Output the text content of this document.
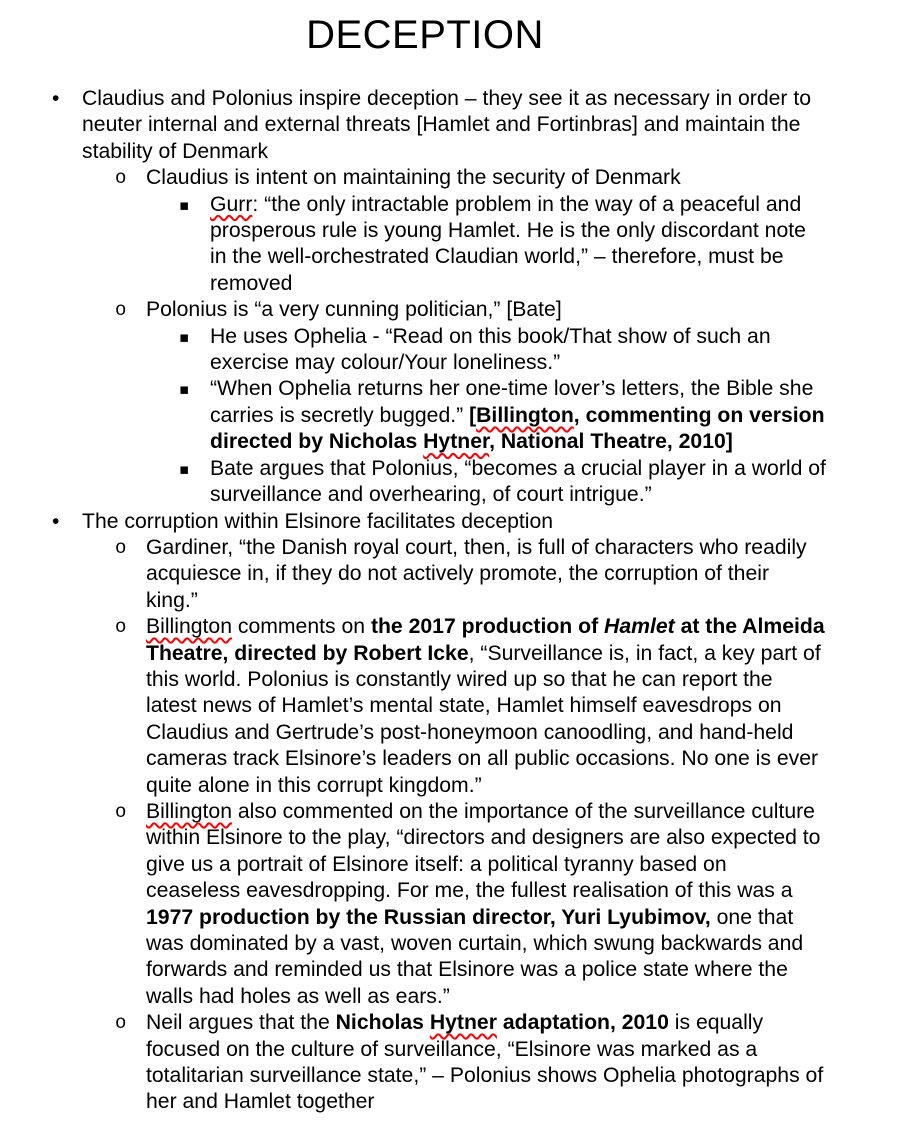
DECEPTION
• Claudius and Polonius inspire deception – they see it as necessary in order to neuter internal and external threats [Hamlet and Fortinbras] and maintain the stability of Denmark
o Claudius is intent on maintaining the security of Denmark
▪ Gurr: “the only intractable problem in the way of a peaceful and prosperous rule is young Hamlet. He is the only discordant note in the well-orchestrated Claudian world,” – therefore, must be removed
o Polonius is “a very cunning politician,” [Bate]
▪ He uses Ophelia - “Read on this book/That show of such an exercise may colour/Your loneliness.”
▪ “When Ophelia returns her one-time lover’s letters, the Bible she carries is secretly bugged.” [Billington, commenting on version directed by Nicholas Hytner, National Theatre, 2010]
▪ Bate argues that Polonius, “becomes a crucial player in a world of surveillance and overhearing, of court intrigue.”
• The corruption within Elsinore facilitates deception
o Gardiner, “the Danish royal court, then, is full of characters who readily acquiesce in, if they do not actively promote, the corruption of their king.”
o Billington comments on the 2017 production of Hamlet at the Almeida Theatre, directed by Robert Icke, “Surveillance is, in fact, a key part of this world. Polonius is constantly wired up so that he can report the latest news of Hamlet’s mental state, Hamlet himself eavesdrops on Claudius and Gertrude’s post-honeymoon canoodling, and hand-held cameras track Elsinore’s leaders on all public occasions. No one is ever quite alone in this corrupt kingdom.”
o Billington also commented on the importance of the surveillance culture within Elsinore to the play, “directors and designers are also expected to give us a portrait of Elsinore itself: a political tyranny based on ceaseless eavesdropping. For me, the fullest realisation of this was a 1977 production by the Russian director, Yuri Lyubimov, one that was dominated by a vast, woven curtain, which swung backwards and forwards and reminded us that Elsinore was a police state where the walls had holes as well as ears.”
o Neil argues that the Nicholas Hytner adaptation, 2010 is equally focused on the culture of surveillance, “Elsinore was marked as a totalitarian surveillance state,” – Polonius shows Ophelia photographs of her and Hamlet together
